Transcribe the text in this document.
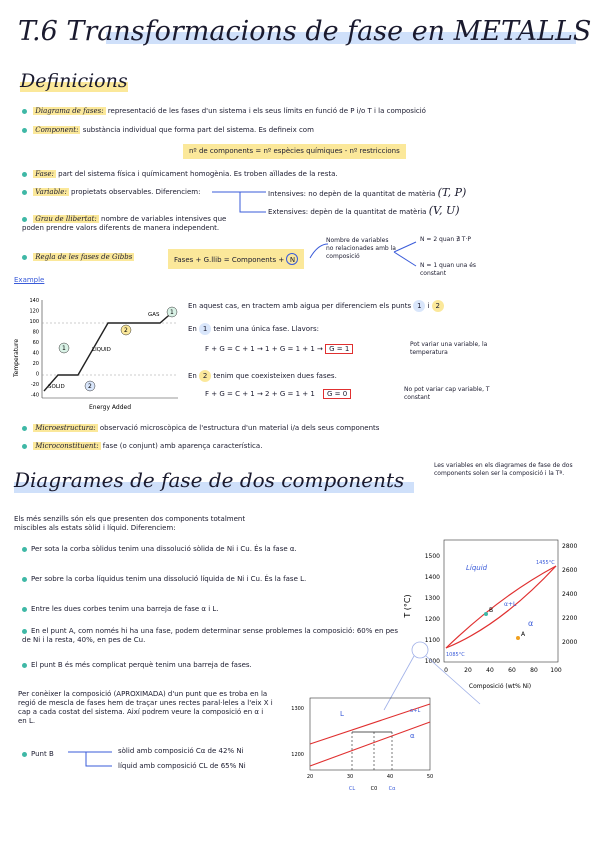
T.6 Transformacions de fase en METALLS
Definicions
Diagrama de fases: representació de les fases d'un sistema i els seus límits en funció de P i/o T i la composició
Component: substància individual que forma part del sistema. Es defineix com
nº de components = nº espècies químiques - nº restriccions
Fase: part del sistema física i químicament homogènia. Es troben aïllades de la resta.
Variable: propietats observables. Diferenciem:	Intensives: no depèn de la quantitat de matèria (T, P)
Extensives: depèn de la quantitat de matèria (V, U)
Grau de llibertat: nombre de variables intensives que poden prendre valors diferents de manera independent.
Regla de les fases de Gibbs	Fases + G.llib = Components + N
Nombre de variables no relacionades amb la composició
N = 2 quan ∄ T·P
N = 1 quan una és constant
Example
Temperature
140
120
100
80
60
40
20
0
-20
-40
GAS
LIQUID
SOLID
1
2
2
1
Energy Added
En aquest cas, en tractem amb aigua per diferenciem els punts 1 i 2
En 1 tenim una única fase. Llavors:
F + G = C + 1 → 1 + G = 1 + 1 → G = 1
Pot variar una variable, la temperatura
En 2 tenim que coexisteixen dues fases.
F + G = C + 1 → 2 + G = 1 + 1 G = 0
No pot variar cap variable, T constant
Microestructura: observació microscòpica de l'estructura d'un material i/a dels seus components
Microconstituent: fase (o conjunt) amb aparença característica.
Diagrames de fase de dos components
Les variables en els diagrames de fase de dos components solen ser la composició i la Tª.
Els més senzills són els que presenten dos components totalment miscibles als estats sòlid i líquid. Diferenciem:
Per sota la corba sòlidus tenim una dissolució sòlida de Ni i Cu. És la fase α.
Per sobre la corba líquidus tenim una dissolució líquida de Ni i Cu. És la fase L.
Entre les dues corbes tenim una barreja de fase α i L.
En el punt A, com només hi ha una fase, podem determinar sense problemes la composició: 60% en pes de Ni i la resta, 40%, en pes de Cu.
El punt B és més complicat perquè tenim una barreja de fases.
T (°C)
1500
1400
1300
1200
1100
1000
2800
2600
2400
2200
2000
0	20 40 60 80 100
Líquid
α
α+L
A
B
1085°C
1455°C
Composició (wt% Ni)
Per conèixer la composició (APROXIMADA) d'un punt que es troba en la regió de mescla de fases hem de traçar unes rectes paral·leles a l'eix X i cap a cada costat del sistema. Així podrem veure la composició en α i en L.
1300
1200
L
α
α+L
20	30	40	50
CL	C0 Cα
Punt B	sòlid amb composició Cα de 42% Ni
líquid amb composició CL de 65% Ni
